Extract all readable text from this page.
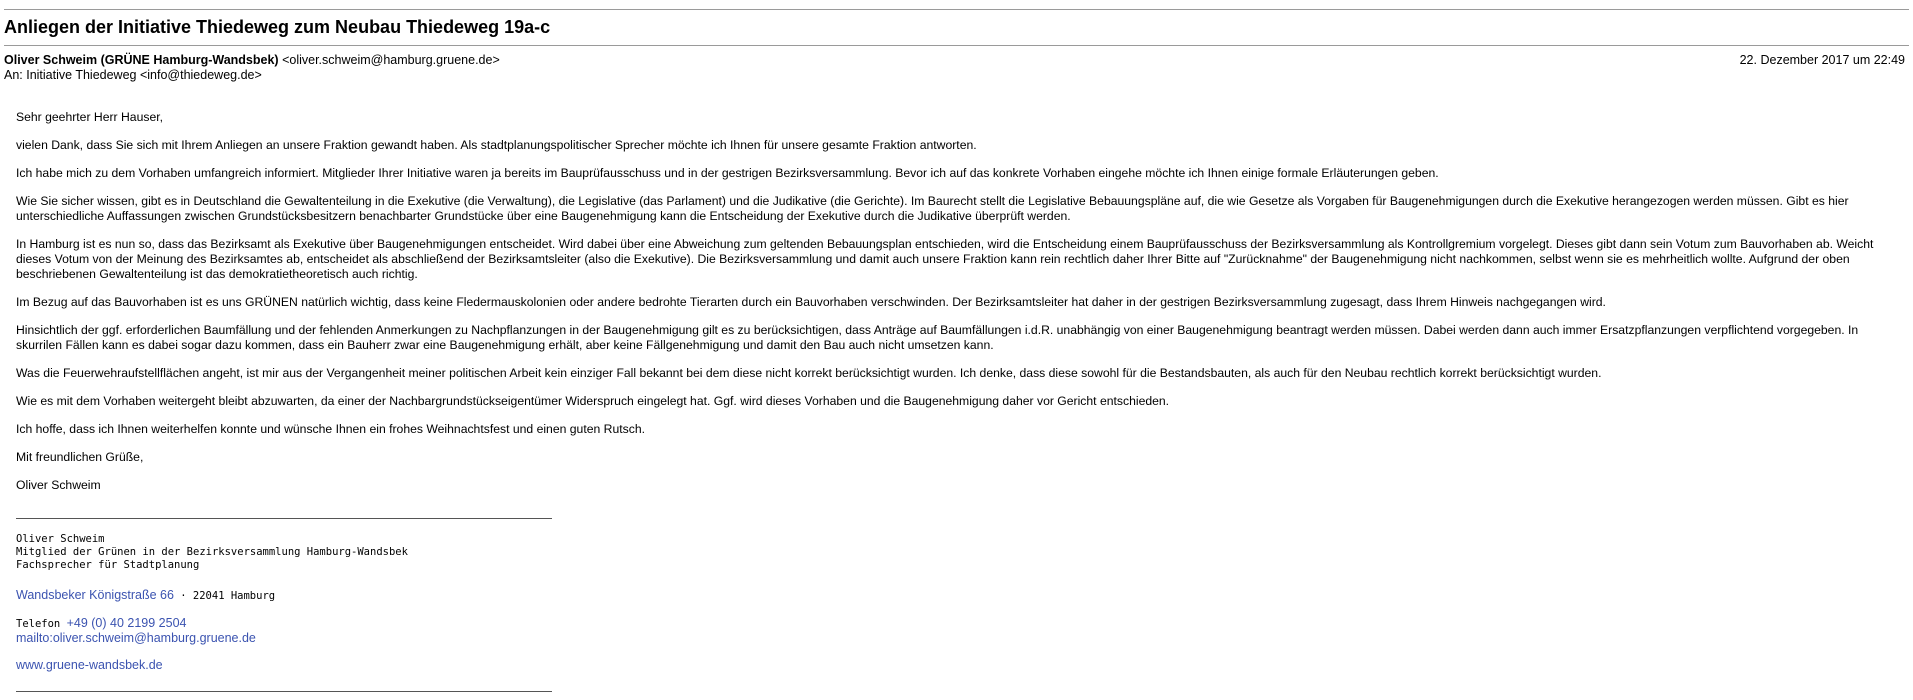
Anliegen der Initiative Thiedeweg zum Neubau Thiedeweg 19a-c
Oliver Schweim (GRÜNE Hamburg-Wandsbek) <oliver.schweim@hamburg.gruene.de>	22. Dezember 2017 um 22:49
An: Initiative Thiedeweg <info@thiedeweg.de>

Sehr geehrter Herr Hauser,

vielen Dank, dass Sie sich mit Ihrem Anliegen an unsere Fraktion gewandt haben. Als stadtplanungspolitischer Sprecher möchte ich Ihnen für unsere gesamte Fraktion antworten.

Ich habe mich zu dem Vorhaben umfangreich informiert. Mitglieder Ihrer Initiative waren ja bereits im Bauprüfausschuss und in der gestrigen Bezirksversammlung. Bevor ich auf das konkrete Vorhaben eingehe möchte ich Ihnen einige formale Erläuterungen geben.

Wie Sie sicher wissen, gibt es in Deutschland die Gewaltenteilung in die Exekutive (die Verwaltung), die Legislative (das Parlament) und die Judikative (die Gerichte). Im Baurecht stellt die Legislative Bebauungspläne auf, die wie Gesetze als Vorgaben für Baugenehmigungen durch die Exekutive herangezogen werden müssen. Gibt es hier unterschiedliche Auffassungen zwischen Grundstücksbesitzern benachbarter Grundstücke über eine Baugenehmigung kann die Entscheidung der Exekutive durch die Judikative überprüft werden.

In Hamburg ist es nun so, dass das Bezirksamt als Exekutive über Baugenehmigungen entscheidet. Wird dabei über eine Abweichung zum geltenden Bebauungsplan entschieden, wird die Entscheidung einem Bauprüfausschuss der Bezirksversammlung als Kontrollgremium vorgelegt. Dieses gibt dann sein Votum zum Bauvorhaben ab. Weicht dieses Votum von der Meinung des Bezirksamtes ab, entscheidet als abschließend der Bezirksamtsleiter (also die Exekutive). Die Bezirksversammlung und damit auch unsere Fraktion kann rein rechtlich daher Ihrer Bitte auf "Zurücknahme" der Baugenehmigung nicht nachkommen, selbst wenn sie es mehrheitlich wollte. Aufgrund der oben beschriebenen Gewaltenteilung ist das demokratietheoretisch auch richtig.

Im Bezug auf das Bauvorhaben ist es uns GRÜNEN natürlich wichtig, dass keine Fledermauskolonien oder andere bedrohte Tierarten durch ein Bauvorhaben verschwinden. Der Bezirksamtsleiter hat daher in der gestrigen Bezirksversammlung zugesagt, dass Ihrem Hinweis nachgegangen wird.

Hinsichtlich der ggf. erforderlichen Baumfällung und der fehlenden Anmerkungen zu Nachpflanzungen in der Baugenehmigung gilt es zu berücksichtigen, dass Anträge auf Baumfällungen i.d.R. unabhängig von einer Baugenehmigung beantragt werden müssen. Dabei werden dann auch immer Ersatzpflanzungen verpflichtend vorgegeben. In skurrilen Fällen kann es dabei sogar dazu kommen, dass ein Bauherr zwar eine Baugenehmigung erhält, aber keine Fällgenehmigung und damit den Bau auch nicht umsetzen kann.

Was die Feuerwehraufstellflächen angeht, ist mir aus der Vergangenheit meiner politischen Arbeit kein einziger Fall bekannt bei dem diese nicht korrekt berücksichtigt wurden. Ich denke, dass diese sowohl für die Bestandsbauten, als auch für den Neubau rechtlich korrekt berücksichtigt wurden.

Wie es mit dem Vorhaben weitergeht bleibt abzuwarten, da einer der Nachbargrundstückseigentümer Widerspruch eingelegt hat. Ggf. wird dieses Vorhaben und die Baugenehmigung daher vor Gericht entschieden.

Ich hoffe, dass ich Ihnen weiterhelfen konnte und wünsche Ihnen ein frohes Weihnachtsfest und einen guten Rutsch.

Mit freundlichen Grüße,

Oliver Schweim

Oliver Schweim
Mitglied der Grünen in der Bezirksversammlung Hamburg-Wandsbek
Fachsprecher für Stadtplanung
Wandsbeker Königstraße 66 · 22041 Hamburg
Telefon +49 (0) 40 2199 2504
mailto:oliver.schweim@hamburg.gruene.de
www.gruene-wandsbek.de
